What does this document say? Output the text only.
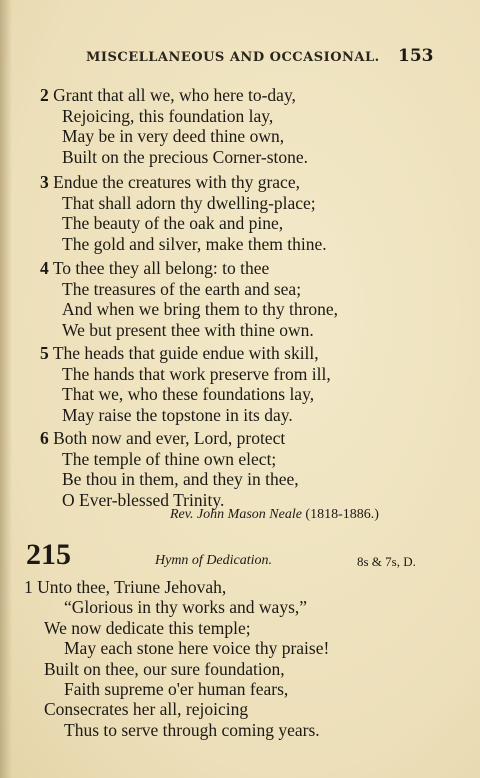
MISCELLANEOUS AND OCCASIONAL. 153
2 Grant that all we, who here to-day,
Rejoicing, this foundation lay,
May be in very deed thine own,
Built on the precious Corner-stone.
3 Endue the creatures with thy grace,
That shall adorn thy dwelling-place;
The beauty of the oak and pine,
The gold and silver, make them thine.
4 To thee they all belong: to thee
The treasures of the earth and sea;
And when we bring them to thy throne,
We but present thee with thine own.
5 The heads that guide endue with skill,
The hands that work preserve from ill,
That we, who these foundations lay,
May raise the topstone in its day.
6 Both now and ever, Lord, protect
The temple of thine own elect;
Be thou in them, and they in thee,
O Ever-blessed Trinity.
Rev. John Mason Neale (1818-1886.)
215	Hymn of Dedication.	8s & 7s, D.
1 Unto thee, Triune Jehovah,
“Glorious in thy works and ways,”
We now dedicate this temple;
May each stone here voice thy praise!
Built on thee, our sure foundation,
Faith supreme o'er human fears,
Consecrates her all, rejoicing
Thus to serve through coming years.
